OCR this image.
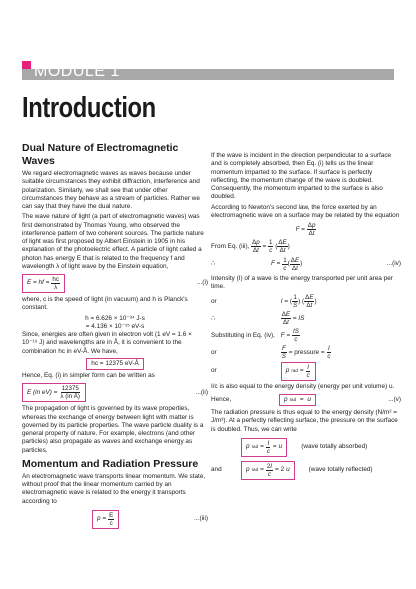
MODULE 1
Introduction
Dual Nature of Electromagnetic Waves

We regard electromagnetic waves as waves because under suitable circumstances they exhibit diffraction, interference and polarization. Similarly, we shall see that under other circumstances they behave as a stream of particles. Rather we can say that they have the dual nature.

The wave nature of light (a part of electromagnetic waves) was first demonstrated by Thomas Young, who observed the interference pattern of two coherent sources. The particle nature of light was first proposed by Albert Einstein in 1905 in his explanation of the photoelectric effect. A particle of light called a photon has energy E that is related to the frequency f and wavelength λ of light wave by the Einstein equation,

E = hf = $\frac{hc}{\lambda}$	...(i)

where, c is the speed of light (in vacuum) and h is Planck's constant.

h = 6.626 × 10⁻³⁴ J-s
= 4.136 × 10⁻¹⁵ eV-s

Since, energies are often given in electron volt (1 eV = 1.6 × 10⁻¹⁹ J) and wavelengths are in Å, it is convenient to the combination hc in eV-Å. We have,

hc = 12375 eV-Å

Hence, Eq. (i) in simpler form can be written as

E (in $eV) = \frac{12375}{\text{λ (in Å)}}$	...(ii)

The propagation of light is governed by its wave properties, whereas the exchange of energy between light with matter is governed by its particle properties. The wave particle duality is a general property of nature. For example, electrons (and other particles) also propagate as waves and exchange energy as particles.

Momentum and Radiation Pressure

An electromagnetic wave transports linear momentum. We state, without proof that the linear momentum carried by an electromagnetic wave is related to the energy it transports according to

$p = \frac{E}{c}$	...(iii)

If the wave is incident in the direction perpendicular to a surface and is completely absorbed, then Eq. (i) tells us the linear momentum imparted to the surface. If surface is perfectly reflecting, the momentum change of the wave is doubled. Consequently, the momentum imparted to the surface is also doubled.

According to Newton's second law, the force exerted by an electromagnetic wave on a surface may be related by the equation

$F = \frac{\Delta p}{\Delta t}$
From Eq. (iii), $\frac{\Delta p}{\Delta t} = \frac{1}{c}$ ( $\frac{\Delta E}{\Delta t}$ )
∴	$F = \frac{1}{c}$ ( $\frac{\Delta E}{\Delta t}$ )	...(iv)

Intensity (I) of a wave is the energy transported per unit area per time.

or	I = ( $\frac{1}{S}$ ) ( $\frac{\Delta E}{\Delta t}$ )
∴	$\frac{\Delta E}{\Delta t}$ = IS
Substituting in Eq. (iv), $F = \frac{IS}{c}$
or	$\frac{F}{S}$ = pressure = $\frac{I}{c}$
or	p rad = $\frac{I}{c}$

I/c is also equal to the energy density (energy per unit volume) u.

Hence,	p rad = u	...(v)

The radiation pressure is thus equal to the energy density (N/m² = J/m³). At a perfectly reflecting surface, the pressure on the surface is doubled. Thus, we can write

p rad = $\frac{I}{c} = u$	(wave totally absorbed)
and	p rad = $\frac{2I}{c} = 2$ u	(wave totally reflected)
